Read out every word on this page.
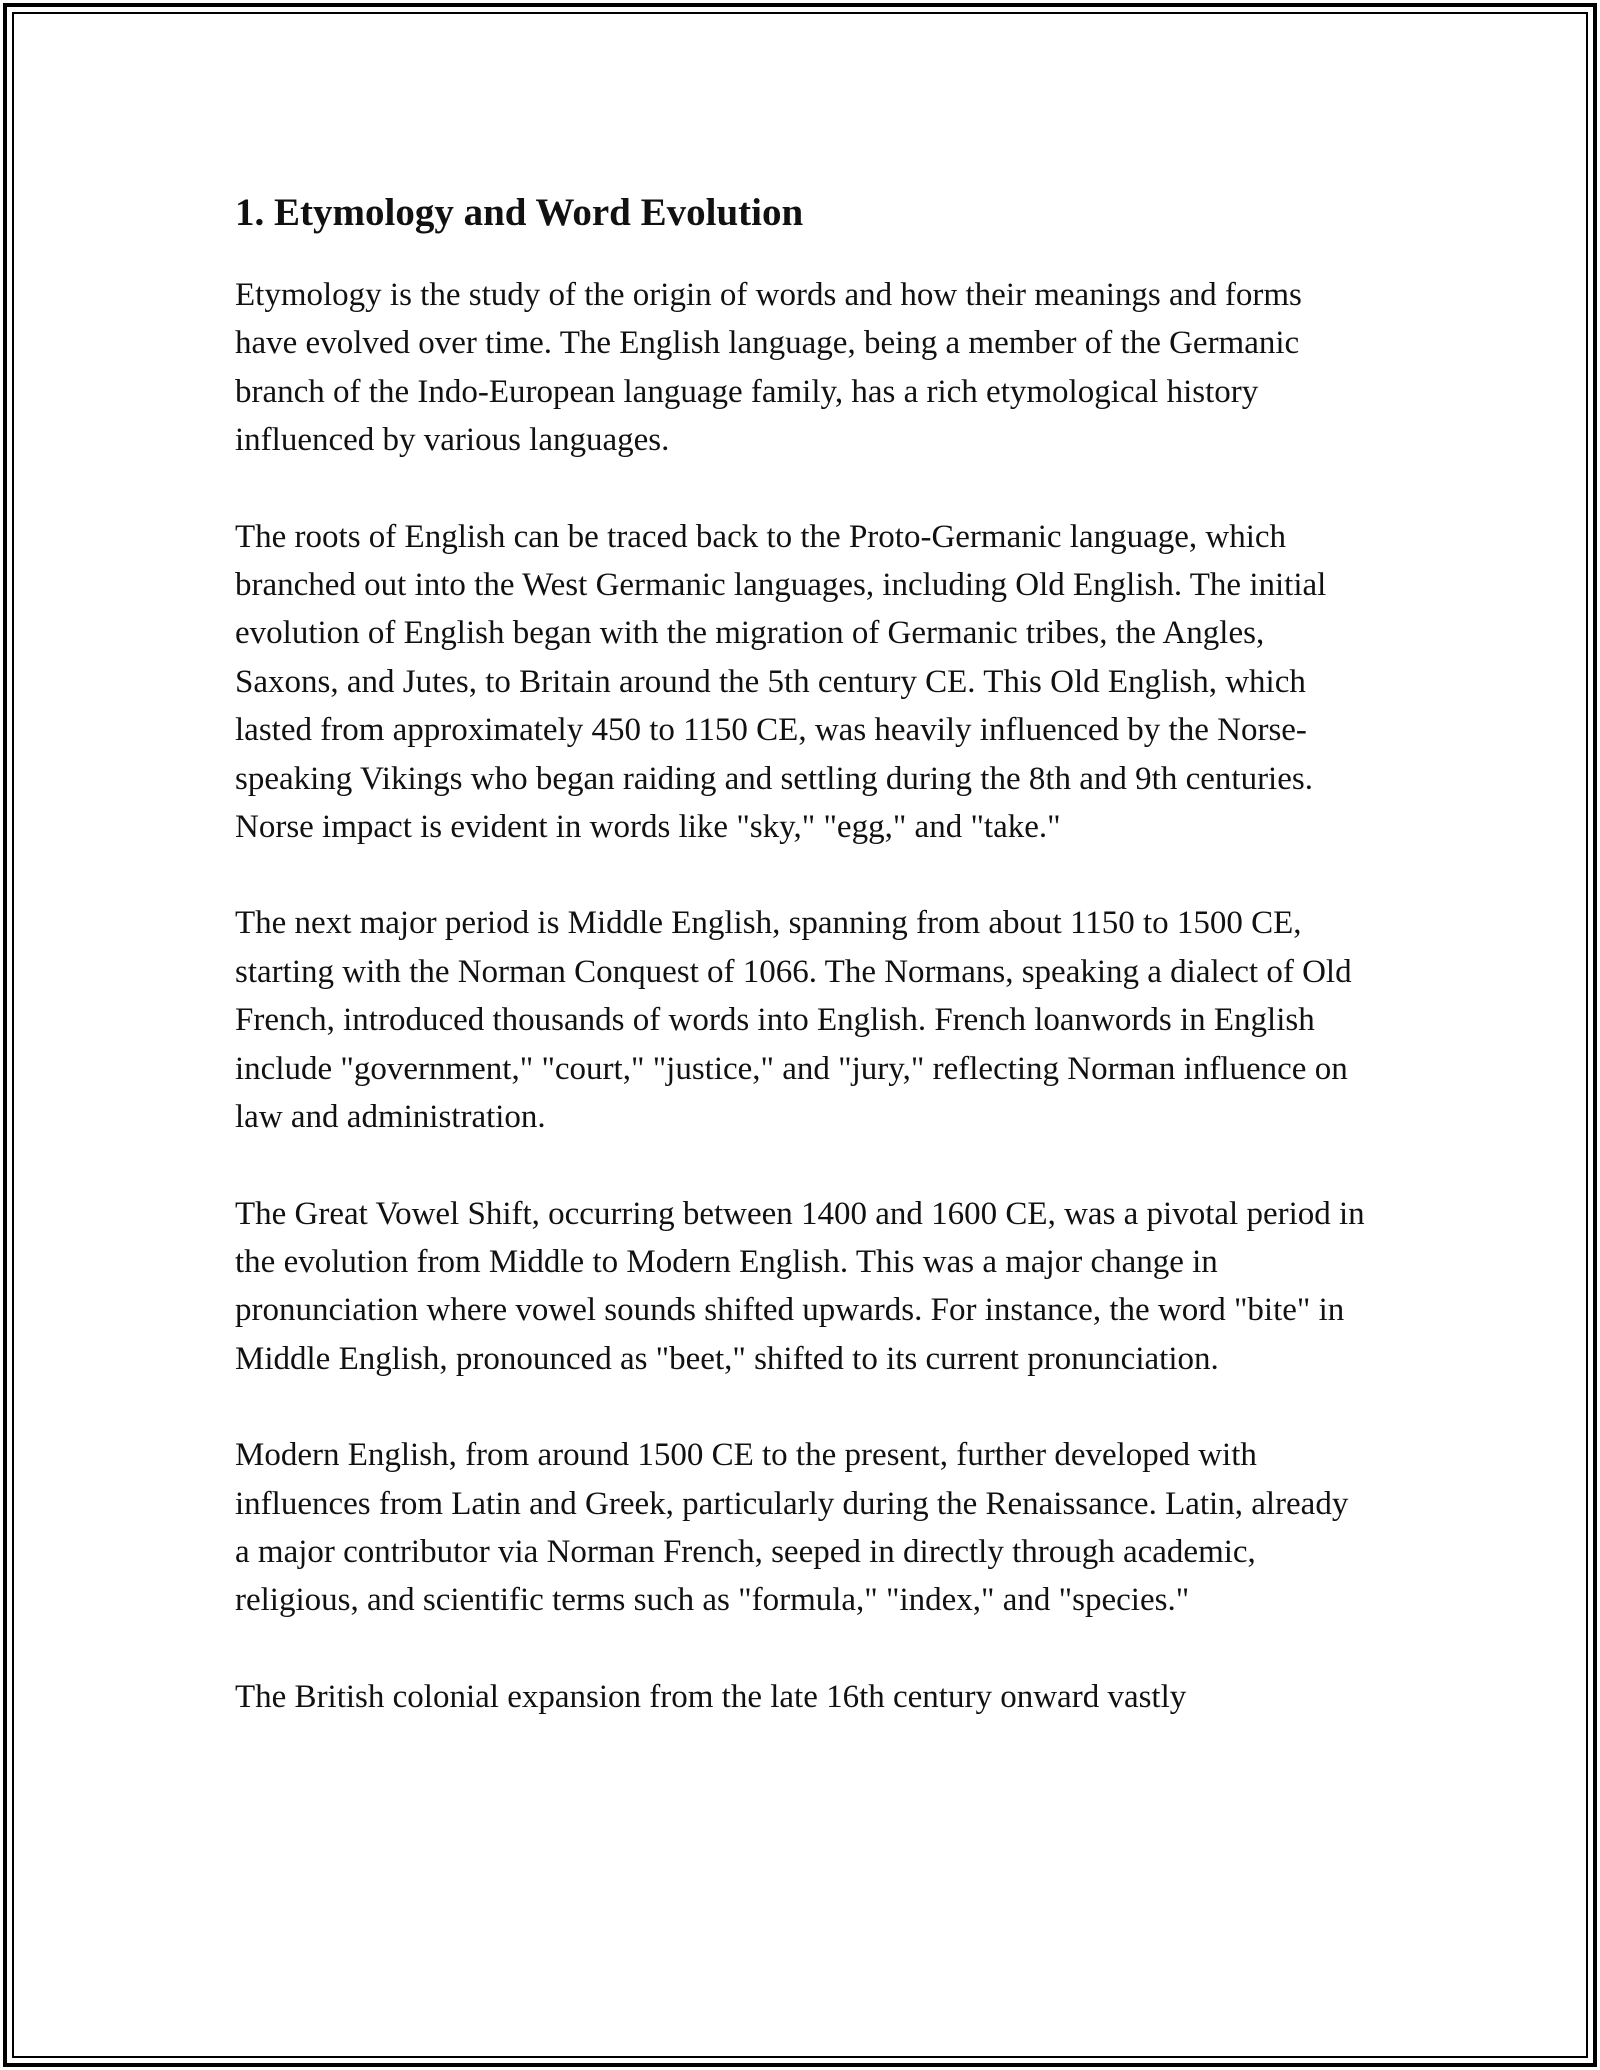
1. Etymology and Word Evolution

Etymology is the study of the origin of words and how their meanings and forms have evolved over time. The English language, being a member of the Germanic branch of the Indo-European language family, has a rich etymological history influenced by various languages.

The roots of English can be traced back to the Proto-Germanic language, which branched out into the West Germanic languages, including Old English. The initial evolution of English began with the migration of Germanic tribes, the Angles, Saxons, and Jutes, to Britain around the 5th century CE. This Old English, which lasted from approximately 450 to 1150 CE, was heavily influenced by the Norse-speaking Vikings who began raiding and settling during the 8th and 9th centuries. Norse impact is evident in words like "sky," "egg," and "take."

The next major period is Middle English, spanning from about 1150 to 1500 CE, starting with the Norman Conquest of 1066. The Normans, speaking a dialect of Old French, introduced thousands of words into English. French loanwords in English include "government," "court," "justice," and "jury," reflecting Norman influence on law and administration.

The Great Vowel Shift, occurring between 1400 and 1600 CE, was a pivotal period in the evolution from Middle to Modern English. This was a major change in pronunciation where vowel sounds shifted upwards. For instance, the word "bite" in Middle English, pronounced as "beet," shifted to its current pronunciation.

Modern English, from around 1500 CE to the present, further developed with influences from Latin and Greek, particularly during the Renaissance. Latin, already a major contributor via Norman French, seeped in directly through academic, religious, and scientific terms such as "formula," "index," and "species."

The British colonial expansion from the late 16th century onward vastly
